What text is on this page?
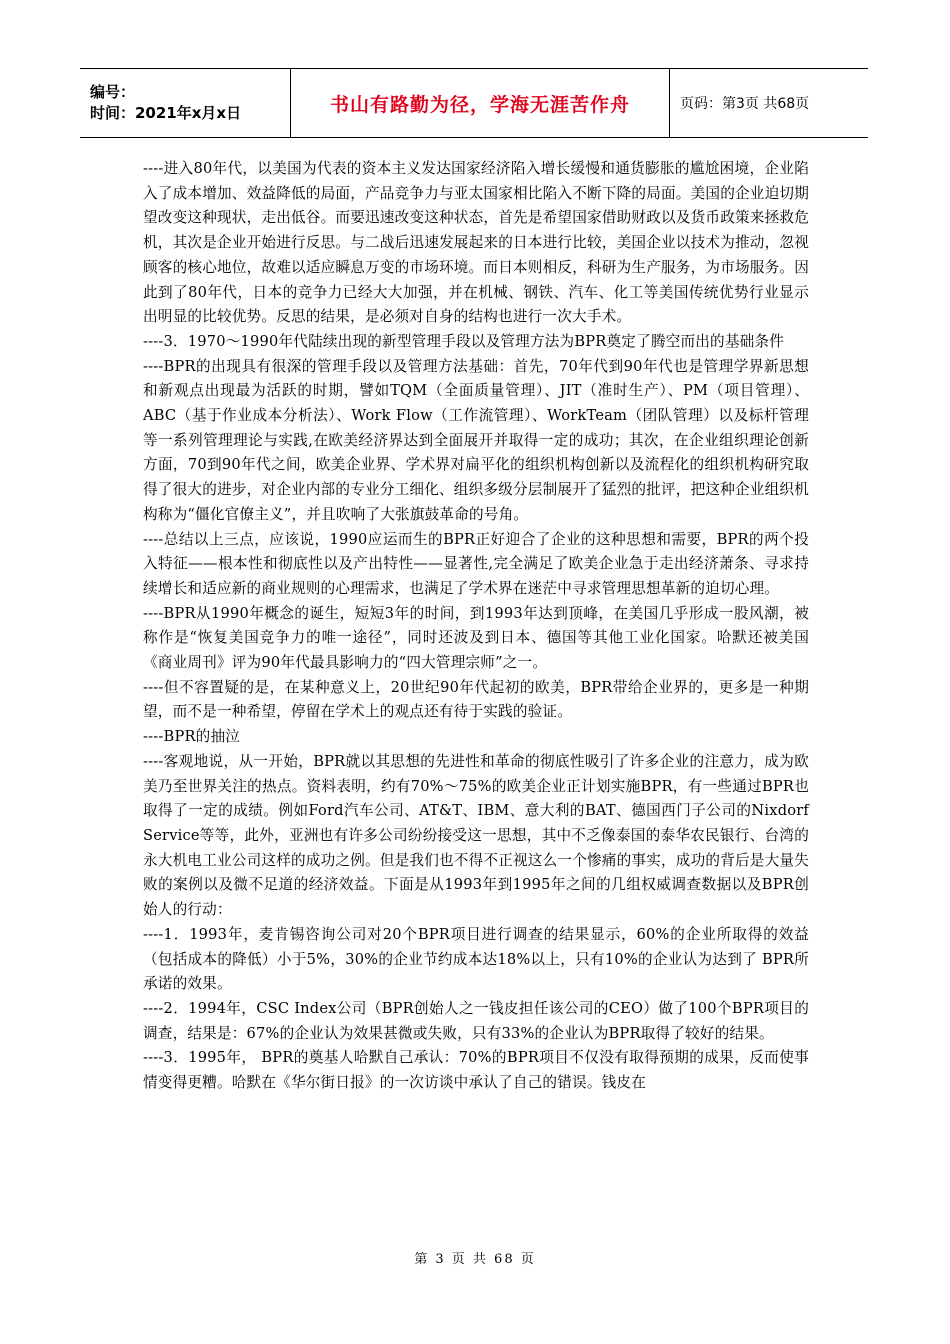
编号：
时间：2021年x月x日	书山有路勤为径，学海无涯苦作舟	页码：第3页 共68页

----进入80年代，以美国为代表的资本主义发达国家经济陷入增长缓慢和通货膨胀的尴尬困境，企业陷入了成本增加、效益降低的局面，产品竞争力与亚太国家相比陷入不断下降的局面。美国的企业迫切期望改变这种现状，走出低谷。而要迅速改变这种状态，首先是希望国家借助财政以及货币政策来拯救危机，其次是企业开始进行反思。与二战后迅速发展起来的日本进行比较，美国企业以技术为推动，忽视顾客的核心地位，故难以适应瞬息万变的市场环境。而日本则相反，科研为生产服务，为市场服务。因此到了80年代，日本的竞争力已经大大加强，并在机械、钢铁、汽车、化工等美国传统优势行业显示出明显的比较优势。反思的结果，是必须对自身的结构也进行一次大手术。

----3．1970～1990年代陆续出现的新型管理手段以及管理方法为BPR奠定了腾空而出的基础条件

----BPR的出现具有很深的管理手段以及管理方法基础：首先，70年代到90年代也是管理学界新思想和新观点出现最为活跃的时期，譬如TQM（全面质量管理）、JIT（准时生产）、PM（项目管理）、ABC（基于作业成本分析法）、Work Flow（工作流管理）、WorkTeam（团队管理）以及标杆管理等一系列管理理论与实践,在欧美经济界达到全面展开并取得一定的成功；其次，在企业组织理论创新方面，70到90年代之间，欧美企业界、学术界对扁平化的组织机构创新以及流程化的组织机构研究取得了很大的进步，对企业内部的专业分工细化、组织多级分层制展开了猛烈的批评，把这种企业组织机构称为“僵化官僚主义”，并且吹响了大张旗鼓革命的号角。

----总结以上三点，应该说，1990应运而生的BPR正好迎合了企业的这种思想和需要，BPR的两个投入特征——根本性和彻底性以及产出特性——显著性,完全满足了欧美企业急于走出经济萧条、寻求持续增长和适应新的商业规则的心理需求，也满足了学术界在迷茫中寻求管理思想革新的迫切心理。

----BPR从1990年概念的诞生，短短3年的时间，到1993年达到顶峰，在美国几乎形成一股风潮，被称作是“恢复美国竞争力的唯一途径”，同时还波及到日本、德国等其他工业化国家。哈默还被美国《商业周刊》评为90年代最具影响力的“四大管理宗师”之一。

----但不容置疑的是，在某种意义上，20世纪90年代起初的欧美，BPR带给企业界的，更多是一种期望，而不是一种希望，停留在学术上的观点还有待于实践的验证。

----BPR的抽泣

----客观地说，从一开始，BPR就以其思想的先进性和革命的彻底性吸引了许多企业的注意力，成为欧美乃至世界关注的热点。资料表明，约有70%～75%的欧美企业正计划实施BPR，有一些通过BPR也取得了一定的成绩。例如Ford汽车公司、AT&T、IBM、意大利的BAT、德国西门子公司的Nixdorf Service等等，此外，亚洲也有许多公司纷纷接受这一思想，其中不乏像泰国的泰华农民银行、台湾的永大机电工业公司这样的成功之例。但是我们也不得不正视这么一个惨痛的事实，成功的背后是大量失败的案例以及微不足道的经济效益。下面是从1993年到1995年之间的几组权威调查数据以及BPR创始人的行动：

----1．1993年，麦肯锡咨询公司对20个BPR项目进行调查的结果显示，60%的企业所取得的效益（包括成本的降低）小于5%，30%的企业节约成本达18%以上，只有10%的企业认为达到了 BPR所承诺的效果。

----2．1994年，CSC Index公司（BPR创始人之一钱皮担任该公司的CEO）做了100个BPR项目的调查，结果是：67%的企业认为效果甚微或失败，只有33%的企业认为BPR取得了较好的结果。

----3．1995年， BPR的奠基人哈默自己承认：70%的BPR项目不仅没有取得预期的成果，反而使事情变得更糟。哈默在《华尔街日报》的一次访谈中承认了自己的错误。钱皮在

第 3 页 共 68 页
